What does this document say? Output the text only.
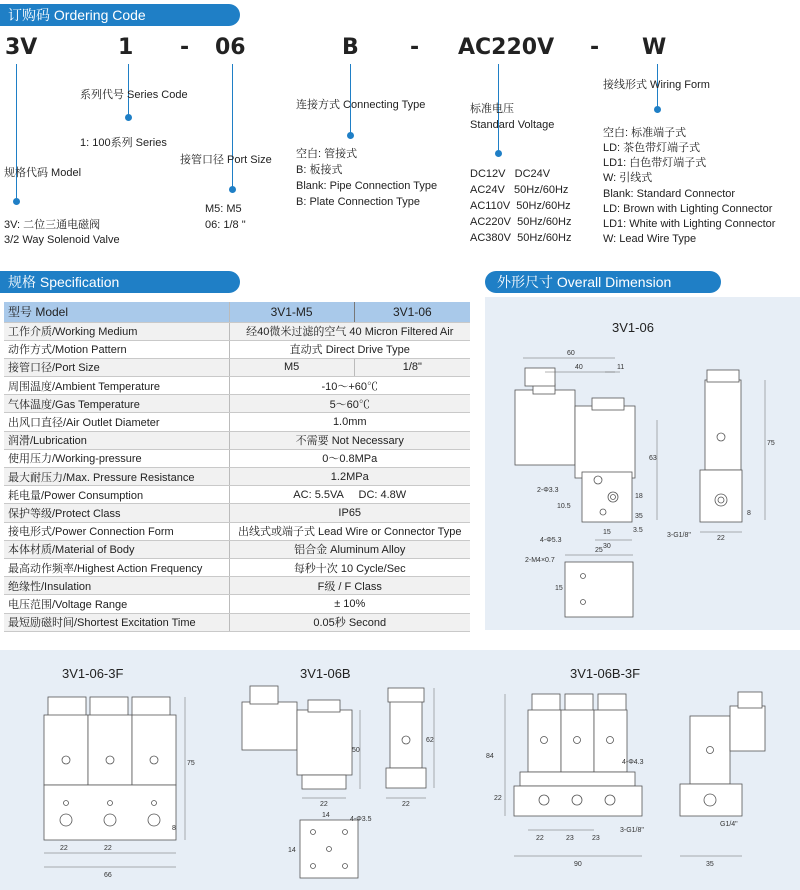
订购码 Ordering Code
3V	1 - 06	B - AC220V - W
规格代码 Model
3V: 二位三通电磁阀
3/2 Way Solenoid Valve
系列代号 Series Code
1: 100系列 Series
接管口径 Port Size
M5: M5
06: 1/8 "
连接方式 Connecting Type
空白: 管接式
B: 板接式
Blank: Pipe Connection Type
B: Plate Connection Type
标准电压
Standard Voltage
DC12V   DC24V
AC24V   50Hz/60Hz
AC110V  50Hz/60Hz
AC220V  50Hz/60Hz
AC380V  50Hz/60Hz
接线形式 Wiring Form
空白: 标准端子式
LD: 茶色带灯端子式
LD1: 白色带灯端子式
W: 引线式
Blank: Standard Connector
LD: Brown with Lighting Connector
LD1: White with Lighting Connector
W: Lead Wire Type
规格 Specification
型号 Model	3V1-M5	3V1-06
工作介质/Working Medium	经40微米过滤的空气 40 Micron Filtered Air	
动作方式/Motion Pattern	直动式 Direct Drive Type	
接管口径/Port Size	M5	1/8"
周围温度/Ambient Temperature	-10～+60℃	
气体温度/Gas Temperature	5～60℃	
出风口直径/Air Outlet Diameter	1.0mm	
润滑/Lubrication	不需要 Not Necessary	
使用压力/Working-pressure	0～0.8MPa	
最大耐压力/Max. Pressure Resistance	1.2MPa	
耗电量/Power Consumption	AC: 5.5VA     DC: 4.8W	
保护等级/Protect Class	IP65	
接电形式/Power Connection Form	出线式或端子式 Lead Wire or Connector Type	
本体材质/Material of Body	铝合金 Aluminum Alloy	
最高动作频率/Highest Action Frequency	每秒十次 10 Cycle/Sec	
绝缘性/Insulation	F级 / F Class	
电压范围/Voltage Range	± 10%	
最短励磁时间/Shortest Excitation Time	0.05秒 Second	
外形尺寸 Overall Dimension
3V1-06
60
40	11
63
75
2-Φ3.3
10.5
18
4-Φ5.3
15	3.5
30
35
3-G1/8"	22
8
2-M4×0.7
25
15
3V1-06-3F	3V1-06B	3V1-06B-3F
75
8
22	22
66
50
62
22	22
14
14
4-Φ3.5
84
4-Φ4.3
22
22	23	23
3-G1/8"
90
G1/4"
35
